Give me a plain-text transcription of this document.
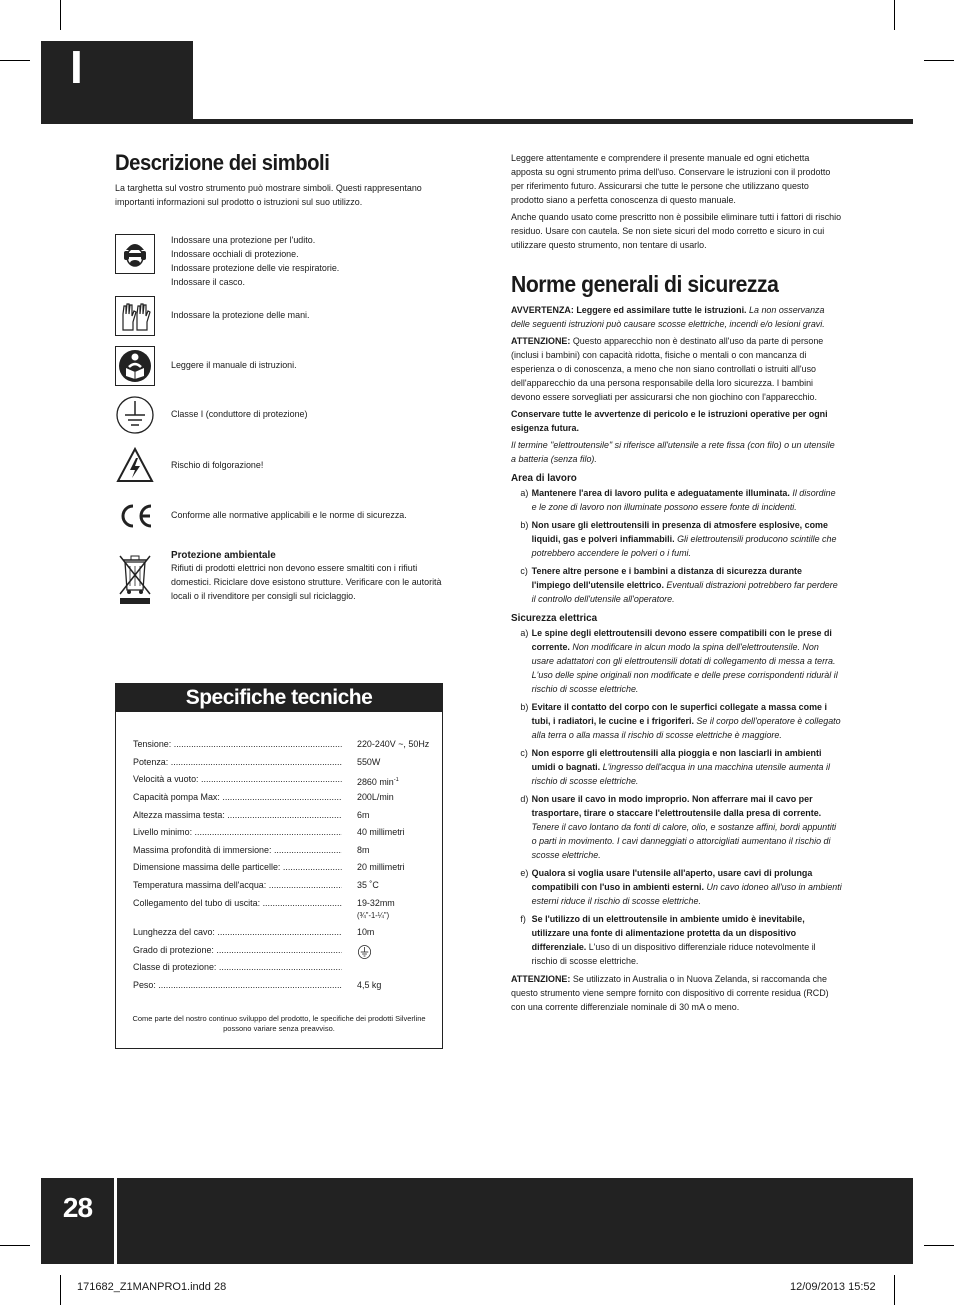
I
Descrizione dei simboli

La targhetta sul vostro strumento può mostrare simboli. Questi rappresentano importanti informazioni sul prodotto o istruzioni sul suo utilizzo.

Indossare una protezione per l'udito.
Indossare occhiali di protezione.
Indossare protezione delle vie respiratorie.
Indossare il casco.
Indossare la protezione delle mani.
Leggere il manuale di istruzioni.
Classe I (conduttore di protezione)
Rischio di folgorazione!
Conforme alle normative applicabili e le norme di sicurezza.
Protezione ambientale
Rifiuti di prodotti elettrici non devono essere smaltiti con i rifiuti domestici. Riciclare dove esistono strutture. Verificare con le autorità locali o il rivenditore per consigli sul riciclaggio.
Specifiche tecniche
Tensione: .....	220-240V ~, 50Hz
Potenza: .....	550W
Velocità a vuoto: .....	2860 $\min^{-1}$
Capacità pompa Max: .....	200L/min
Altezza massima testa: .....	6m
Livello minimo: .....	40 millimetri
Massima profondità di immersione: .....	8m
Dimensione massima delle particelle: .....	20 millimetri
Temperatura massima dell'acqua: .....	35 ˚C
Collegamento del tubo di uscita: .....	19-32mm
(¾"-1-¼")
Lunghezza del cavo: .....	10m
Grado di protezione: .....
Classe di protezione: .....
Peso: .....	4,5 kg
Come parte del nostro continuo sviluppo del prodotto, le specifiche dei prodotti Silverline possono variare senza preavviso.

Leggere attentamente e comprendere il presente manuale ed ogni etichetta apposta su ogni strumento prima dell'uso. Conservare le istruzioni con il prodotto per riferimento futuro. Assicurarsi che tutte le persone che utilizzano questo prodotto siano a perfetta conoscenza di questo manuale.

Anche quando usato come prescritto non è possibile eliminare tutti i fattori di rischio residuo. Usare con cautela. Se non siete sicuri del modo corretto e sicuro in cui utilizzare questo strumento, non tentare di usarlo.

Norme generali di sicurezza

AVVERTENZA: Leggere ed assimilare tutte le istruzioni. La non osservanza delle seguenti istruzioni può causare scosse elettriche, incendi e/o lesioni gravi.

ATTENZIONE: Questo apparecchio non è destinato all'uso da parte di persone (inclusi i bambini) con capacità ridotta, fisiche o mentali o con mancanza di esperienza o di conoscenza, a meno che non siano controllati o istruiti all'uso dell'apparecchio da una persona responsabile della loro sicurezza. I bambini devono essere sorvegliati per assicurarsi che non giochino con l'apparecchio.

Conservare tutte le avvertenze di pericolo e le istruzioni operative per ogni esigenza futura.

Il termine "elettroutensile" si riferisce all'utensile a rete fissa (con filo) o un utensile a batteria (senza filo).

Area di lavoro
a) Mantenere l'area di lavoro pulita e adeguatamente illuminata. Il disordine e le zone di lavoro non illuminate possono essere fonte di incidenti.
b) Non usare gli elettroutensili in presenza di atmosfere esplosive, come liquidi, gas e polveri infiammabili. Gli elettroutensili producono scintille che potrebbero accendere le polveri o i fumi.
c) Tenere altre persone e i bambini a distanza di sicurezza durante l'impiego dell'utensile elettrico. Eventuali distrazioni potrebbero far perdere il controllo dell'utensile all'operatore.
Sicurezza elettrica
a) Le spine degli elettroutensili devono essere compatibili con le prese di corrente. Non modificare in alcun modo la spina dell'elettroutensile. Non usare adattatori con gli elettroutensili dotati di collegamento di messa a terra. L'uso delle spine originali non modificate e delle prese corrispondenti riduràl il rischio di scosse elettriche.
b) Evitare il contatto del corpo con le superfici collegate a massa come i tubi, i radiatori, le cucine e i frigoriferi. Se il corpo dell'operatore è collegato alla terra o alla massa il rischio di scosse elettriche è maggiore.
c) Non esporre gli elettroutensili alla pioggia e non lasciarli in ambienti umidi o bagnati. L'ingresso dell'acqua in una macchina utensile aumenta il rischio di scosse elettriche.
d) Non usare il cavo in modo improprio. Non afferrare mai il cavo per trasportare, tirare o staccare l'elettroutensile dalla presa di corrente. Tenere il cavo lontano da fonti di calore, olio, e sostanze affini, bordi appuntiti o parti in movimento. I cavi danneggiati o attorcigliati aumentano il rischio di scosse elettriche.
e) Qualora si voglia usare l'utensile all'aperto, usare cavi di prolunga compatibili con l'uso in ambienti esterni. Un cavo idoneo all'uso in ambienti esterni riduce il rischio di scosse elettriche.
f) Se l'utilizzo di un elettroutensile in ambiente umido è inevitabile, utilizzare una fonte di alimentazione protetta da un dispositivo differenziale. L'uso di un dispositivo differenziale riduce notevolmente il rischio di scosse elettriche.

ATTENZIONE: Se utilizzato in Australia o in Nuova Zelanda, si raccomanda che questo strumento viene sempre fornito con dispositivo di corrente residua (RCD) con una corrente differenziale nominale di 30 mA o meno.

28
171682_Z1MANPRO1.indd 28	12/09/2013 15:52
